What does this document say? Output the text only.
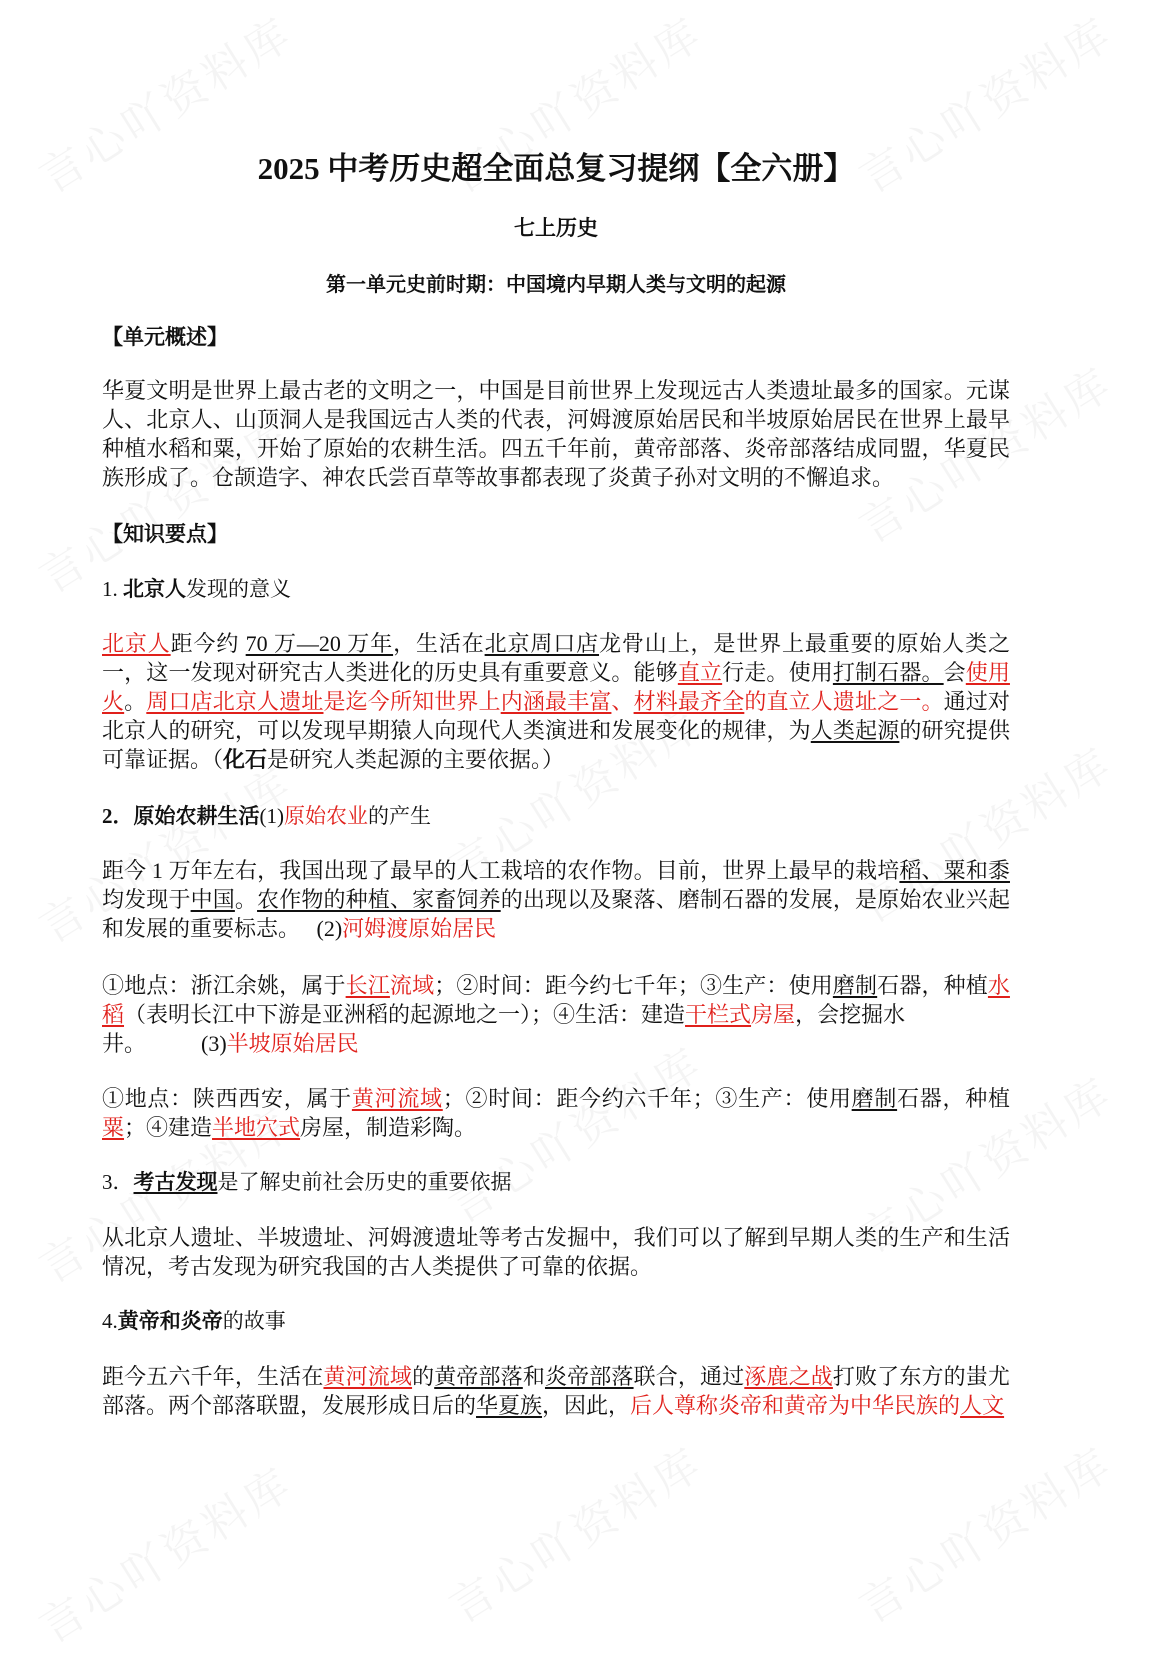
2025 中考历史超全面总复习提纲【全六册】
七上历史
第一单元史前时期：中国境内早期人类与文明的起源
【单元概述】
华夏文明是世界上最古老的文明之一，中国是目前世界上发现远古人类遗址最多的国家。元谋人、北京人、山顶洞人是我国远古人类的代表，河姆渡原始居民和半坡原始居民在世界上最早种植水稻和粟，开始了原始的农耕生活。四五千年前，黄帝部落、炎帝部落结成同盟，华夏民族形成了。仓颉造字、神农氏尝百草等故事都表现了炎黄子孙对文明的不懈追求。
【知识要点】
1. 北京人发现的意义
北京人距今约 70 万—20 万年，生活在北京周口店龙骨山上，是世界上最重要的原始人类之一，这一发现对研究古人类进化的历史具有重要意义。能够直立行走。使用打制石器。会使用火。周口店北京人遗址是迄今所知世界上内涵最丰富、材料最齐全的直立人遗址之一。通过对北京人的研究，可以发现早期猿人向现代人类演进和发展变化的规律，为人类起源的研究提供可靠证据。（化石是研究人类起源的主要依据。）
2．原始农耕生活(1)原始农业的产生
距今 1 万年左右，我国出现了最早的人工栽培的农作物。目前，世界上最早的栽培稻、粟和黍均发现于中国。农作物的种植、家畜饲养的出现以及聚落、磨制石器的发展，是原始农业兴起和发展的重要标志。   (2)河姆渡原始居民
①地点：浙江余姚，属于长江流域；②时间：距今约七千年；③生产：使用磨制石器，种植水稻（表明长江中下游是亚洲稻的起源地之一）；④生活：建造干栏式房屋，会挖掘水
井。          (3)半坡原始居民
①地点：陕西西安，属于黄河流域；②时间：距今约六千年；③生产：使用磨制石器，种植粟；④建造半地穴式房屋，制造彩陶。
3．考古发现是了解史前社会历史的重要依据
从北京人遗址、半坡遗址、河姆渡遗址等考古发掘中，我们可以了解到早期人类的生产和生活情况，考古发现为研究我国的古人类提供了可靠的依据。
4.黄帝和炎帝的故事
距今五六千年，生活在黄河流域的黄帝部落和炎帝部落联合，通过涿鹿之战打败了东方的蚩尤部落。两个部落联盟，发展形成日后的华夏族，因此，后人尊称炎帝和黄帝为中华民族的人文
